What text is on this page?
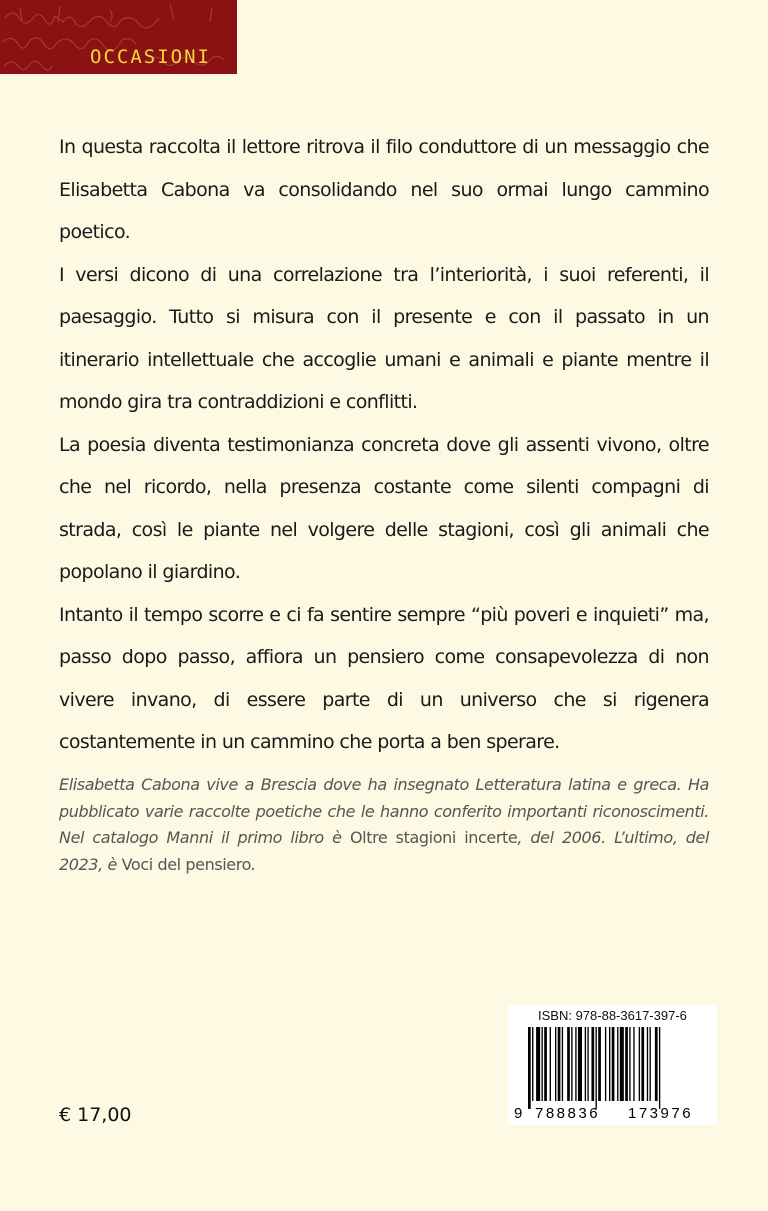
OCCASIONI

In questa raccolta il lettore ritrova il filo conduttore di un messaggio che Elisabetta Cabona va consolidando nel suo ormai lungo cammino poetico.

I versi dicono di una correlazione tra l’interiorità, i suoi referenti, il paesaggio. Tutto si misura con il presente e con il passato in un itinerario intellettuale che accoglie umani e animali e piante mentre il mondo gira tra contraddizioni e conflitti.

La poesia diventa testimonianza concreta dove gli assenti vivono, oltre che nel ricordo, nella presenza costante come silenti compagni di strada, così le piante nel volgere delle stagioni, così gli animali che popolano il giardino.

Intanto il tempo scorre e ci fa sentire sempre “più poveri e inquieti” ma, passo dopo passo, affiora un pensiero come consapevolezza di non vivere invano, di essere parte di un universo che si rigenera costantemente in un cammino che porta a ben sperare.

Elisabetta Cabona vive a Brescia dove ha insegnato Letteratura latina e greca. Ha pubblicato varie raccolte poetiche che le hanno conferito importanti riconoscimenti. Nel catalogo Manni il primo libro è Oltre stagioni incerte, del 2006. L’ultimo, del 2023, è Voci del pensiero.
ISBN: 978-88-3617-397-6
9 788836 173976
€ 17,00
